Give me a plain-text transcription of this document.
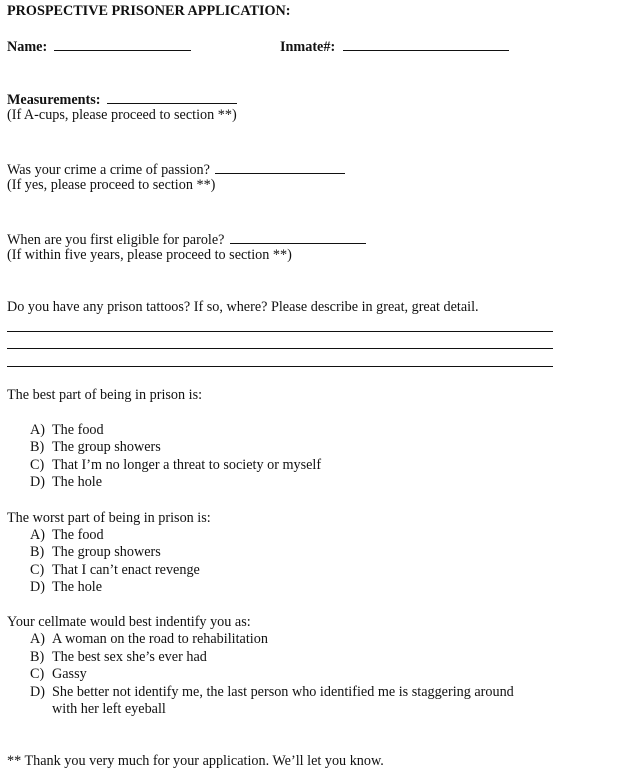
PROSPECTIVE PRISONER APPLICATION:
Name:	Inmate#:
Measurements:
(If A-cups, please proceed to section **)
Was your crime a crime of passion?
(If yes, please proceed to section **)
When are you first eligible for parole?
(If within five years, please proceed to section **)
Do you have any prison tattoos? If so, where? Please describe in great, great detail.
The best part of being in prison is:
A) The food
B) The group showers
C) That I’m no longer a threat to society or myself
D) The hole
The worst part of being in prison is:
A) The food
B) The group showers
C) That I can’t enact revenge
D) The hole
Your cellmate would best indentify you as:
A) A woman on the road to rehabilitation
B) The best sex she’s ever had
C) Gassy
D) She better not identify me, the last person who identified me is staggering around
with her left eyeball
** Thank you very much for your application. We’ll let you know.
